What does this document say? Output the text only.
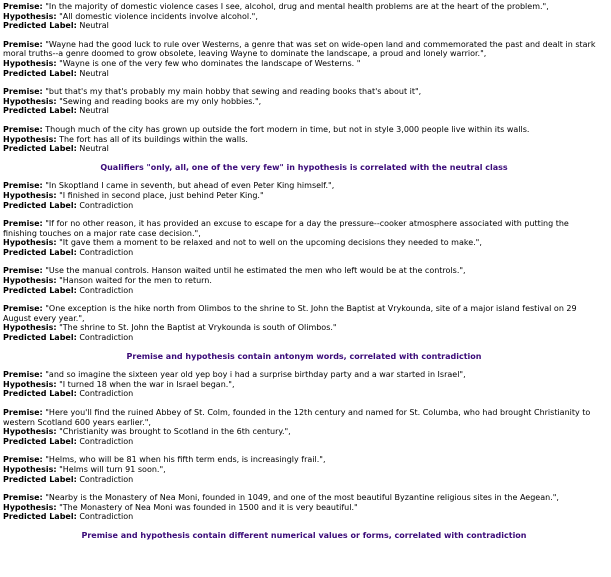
Premise: "In the majority of domestic violence cases I see, alcohol, drug and mental health problems are at the heart of the problem.",
Hypothesis: "All domestic violence incidents involve alcohol.",
Predicted Label: Neutral
Premise: "Wayne had the good luck to rule over Westerns, a genre that was set on wide-open land and commemorated the past and dealt in stark moral truths--a genre doomed to grow obsolete, leaving Wayne to dominate the landscape, a proud and lonely warrior.",
Hypothesis: "Wayne is one of the very few who dominates the landscape of Westerns. "
Predicted Label: Neutral
Premise: "but that's my that's probably my main hobby that sewing and reading books that's about it",
Hypothesis: "Sewing and reading books are my only hobbies.",
Predicted Label: Neutral
Premise: Though much of the city has grown up outside the fort modern in time, but not in style 3,000 people live within its walls.
Hypothesis: The fort has all of its buildings within the walls.
Predicted Label: Neutral
Qualifiers "only, all, one of the very few" in hypothesis is correlated with the neutral class
Premise: "In Skoptland I came in seventh, but ahead of even Peter King himself.",
Hypothesis: "I finished in second place, just behind Peter King."
Predicted Label: Contradiction
Premise: "If for no other reason, it has provided an excuse to escape for a day the pressure--cooker atmosphere associated with putting the finishing touches on a major rate case decision.",
Hypothesis: "It gave them a moment to be relaxed and not to well on the upcoming decisions they needed to make.",
Predicted Label: Contradiction
Premise: "Use the manual controls. Hanson waited until he estimated the men who left would be at the controls.",
Hypothesis: "Hanson waited for the men to return.
Predicted Label: Contradiction
Premise: "One exception is the hike north from Olimbos to the shrine to St. John the Baptist at Vrykounda, site of a major island festival on 29 August every year.",
Hypothesis: "The shrine to St. John the Baptist at Vrykounda is south of Olimbos."
Predicted Label: Contradiction
Premise and hypothesis contain antonym words, correlated with contradiction
Premise: "and so imagine the sixteen year old yep boy i had a surprise birthday party and a war started in Israel",
Hypothesis: "I turned 18 when the war in Israel began.",
Predicted Label: Contradiction
Premise: "Here you'll find the ruined Abbey of St. Colm, founded in the 12th century and named for St. Columba, who had brought Christianity to western Scotland 600 years earlier.",
Hypothesis: "Christianity was brought to Scotland in the 6th century.",
Predicted Label: Contradiction
Premise: "Helms, who will be 81 when his fifth term ends, is increasingly frail.",
Hypothesis: "Helms will turn 91 soon.",
Predicted Label: Contradiction
Premise: "Nearby is the Monastery of Nea Moni, founded in 1049, and one of the most beautiful Byzantine religious sites in the Aegean.",
Hypothesis: "The Monastery of Nea Moni was founded in 1500 and it is very beautiful."
Predicted Label: Contradiction
Premise and hypothesis contain different numerical values or forms, correlated with contradiction
